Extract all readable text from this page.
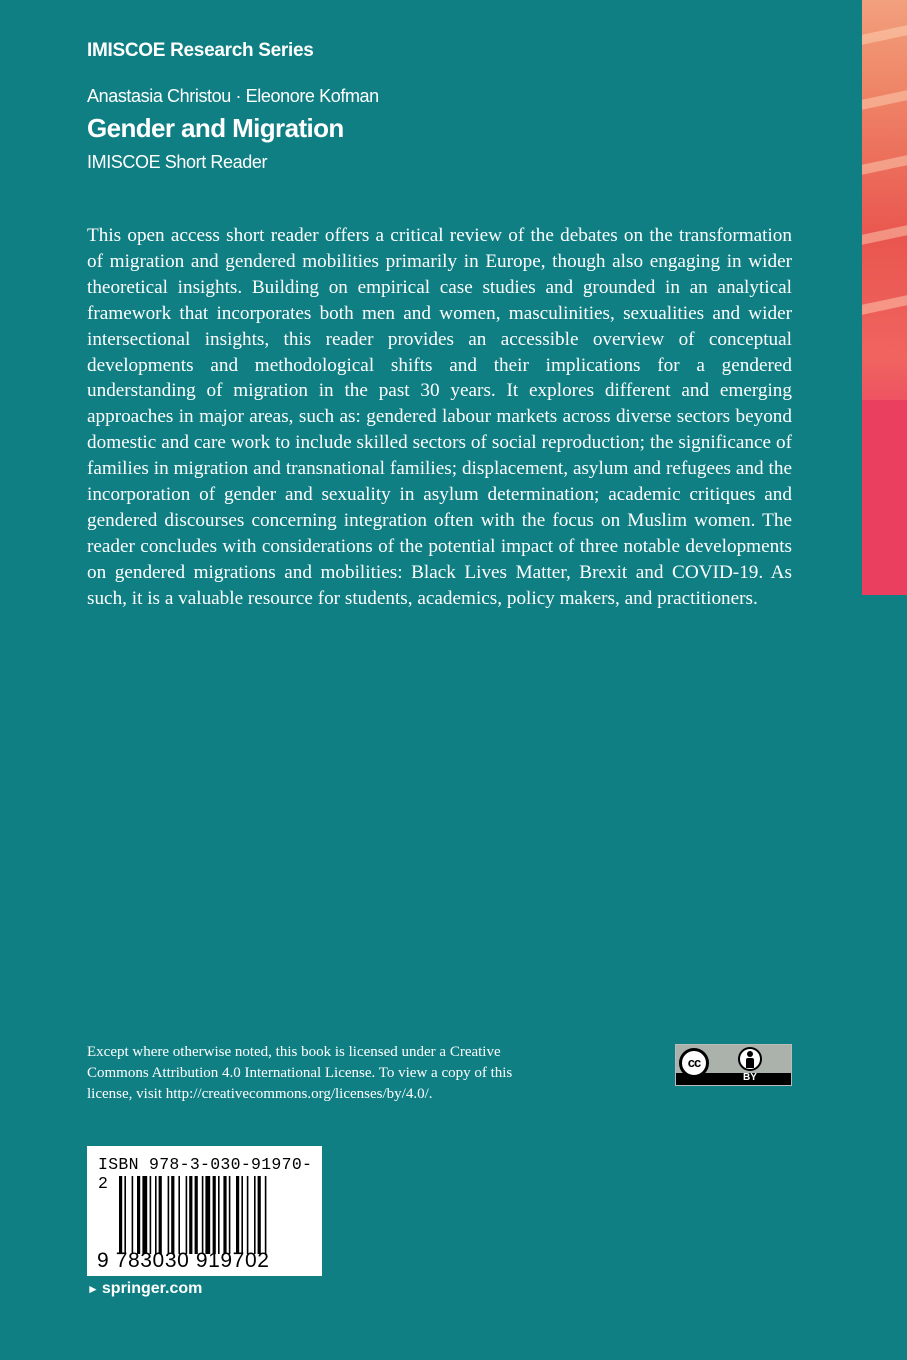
IMISCOE Research Series
Anastasia Christou · Eleonore Kofman
Gender and Migration
IMISCOE Short Reader

This open access short reader offers a critical review of the debates on the transformation of migration and gendered mobilities primarily in Europe, though also engaging in wider theoretical insights. Building on empirical case studies and grounded in an analytical framework that incorporates both men and women, masculinities, sexualities and wider intersectional insights, this reader provides an accessible overview of conceptual developments and methodological shifts and their implications for a gendered understanding of migration in the past 30 years. It explores different and emerging approaches in major areas, such as: gendered labour markets across diverse sectors beyond domestic and care work to include skilled sectors of social reproduction; the significance of families in migration and transnational families; displacement, asylum and refugees and the incorporation of gender and sexuality in asylum determination; academic critiques and gendered discourses concerning integration often with the focus on Muslim women. The reader concludes with considerations of the potential impact of three notable developments on gendered migrations and mobilities: Black Lives Matter, Brexit and COVID-19. As such, it is a valuable resource for students, academics, policy makers, and practitioners.

Except where otherwise noted, this book is licensed under a Creative Commons Attribution 4.0 International License. To view a copy of this license, visit http://creativecommons.org/licenses/by/4.0/.

cc
BY
ISBN 978-3-030-91970-2
9 783030 919702
► springer.com
